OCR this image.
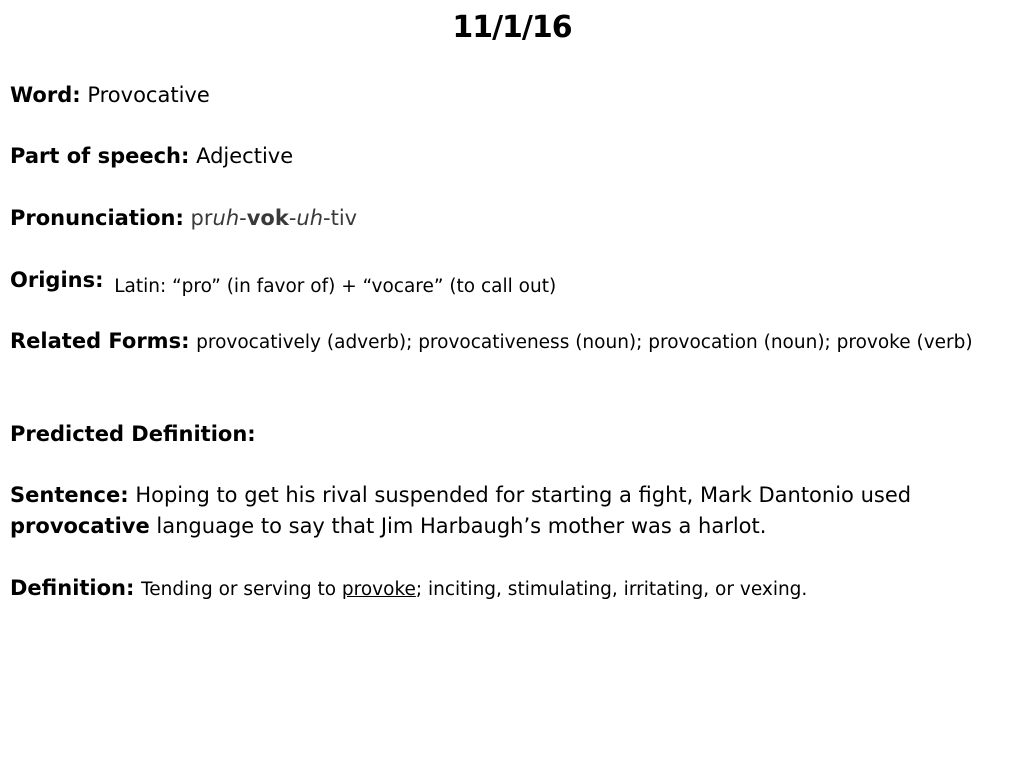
11/1/16
Word: Provocative
Part of speech: Adjective
Pronunciation: pruh-vok-uh-tiv
Origins: Latin: “pro” (in favor of) + “vocare” (to call out)
Related Forms: provocatively (adverb); provocativeness (noun); provocation (noun); provoke (verb)
Predicted Definition:
Sentence: Hoping to get his rival suspended for starting a fight, Mark Dantonio used provocative language to say that Jim Harbaugh’s mother was a harlot.
Definition: Tending or serving to provoke; inciting, stimulating, irritating, or vexing.
